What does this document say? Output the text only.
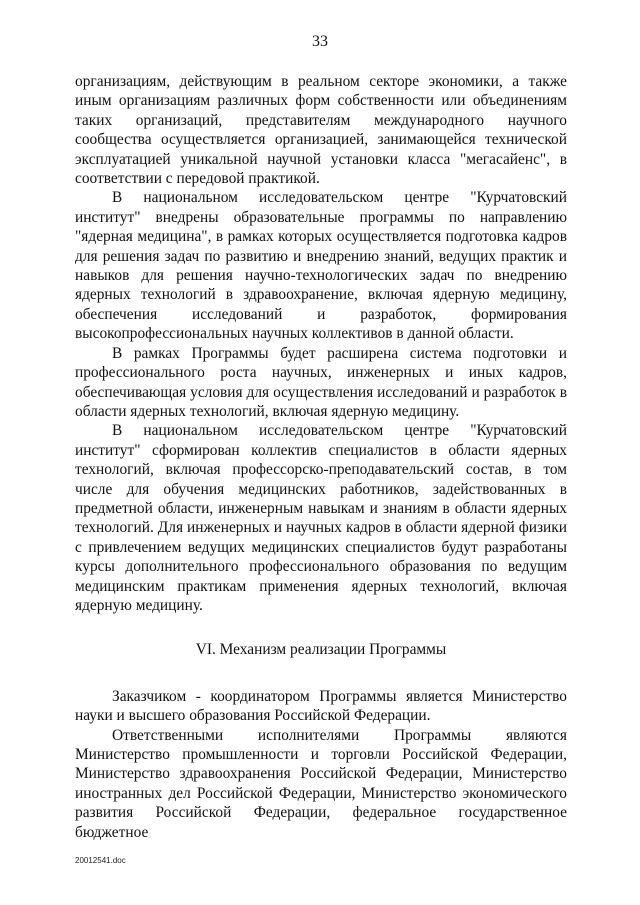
33

организациям, действующим в реальном секторе экономики, а также иным организациям различных форм собственности или объединениям таких организаций, представителям международного научного сообщества осуществляется организацией, занимающейся технической эксплуатацией уникальной научной установки класса "мегасайенс", в соответствии с передовой практикой.

В национальном исследовательском центре "Курчатовский институт" внедрены образовательные программы по направлению "ядерная медицина", в рамках которых осуществляется подготовка кадров для решения задач по развитию и внедрению знаний, ведущих практик и навыков для решения научно-технологических задач по внедрению ядерных технологий в здравоохранение, включая ядерную медицину, обеспечения исследований и разработок, формирования высокопрофессиональных научных коллективов в данной области.

В рамках Программы будет расширена система подготовки и профессионального роста научных, инженерных и иных кадров, обеспечивающая условия для осуществления исследований и разработок в области ядерных технологий, включая ядерную медицину.

В национальном исследовательском центре "Курчатовский институт" сформирован коллектив специалистов в области ядерных технологий, включая профессорско-преподавательский состав, в том числе для обучения медицинских работников, задействованных в предметной области, инженерным навыкам и знаниям в области ядерных технологий. Для инженерных и научных кадров в области ядерной физики с привлечением ведущих медицинских специалистов будут разработаны курсы дополнительного профессионального образования по ведущим медицинским практикам применения ядерных технологий, включая ядерную медицину.

VI. Механизм реализации Программы

Заказчиком - координатором Программы является Министерство науки и высшего образования Российской Федерации.

Ответственными исполнителями Программы являются Министерство промышленности и торговли Российской Федерации, Министерство здравоохранения Российской Федерации, Министерство иностранных дел Российской Федерации, Министерство экономического развития Российской Федерации, федеральное государственное бюджетное

20012541.doc
